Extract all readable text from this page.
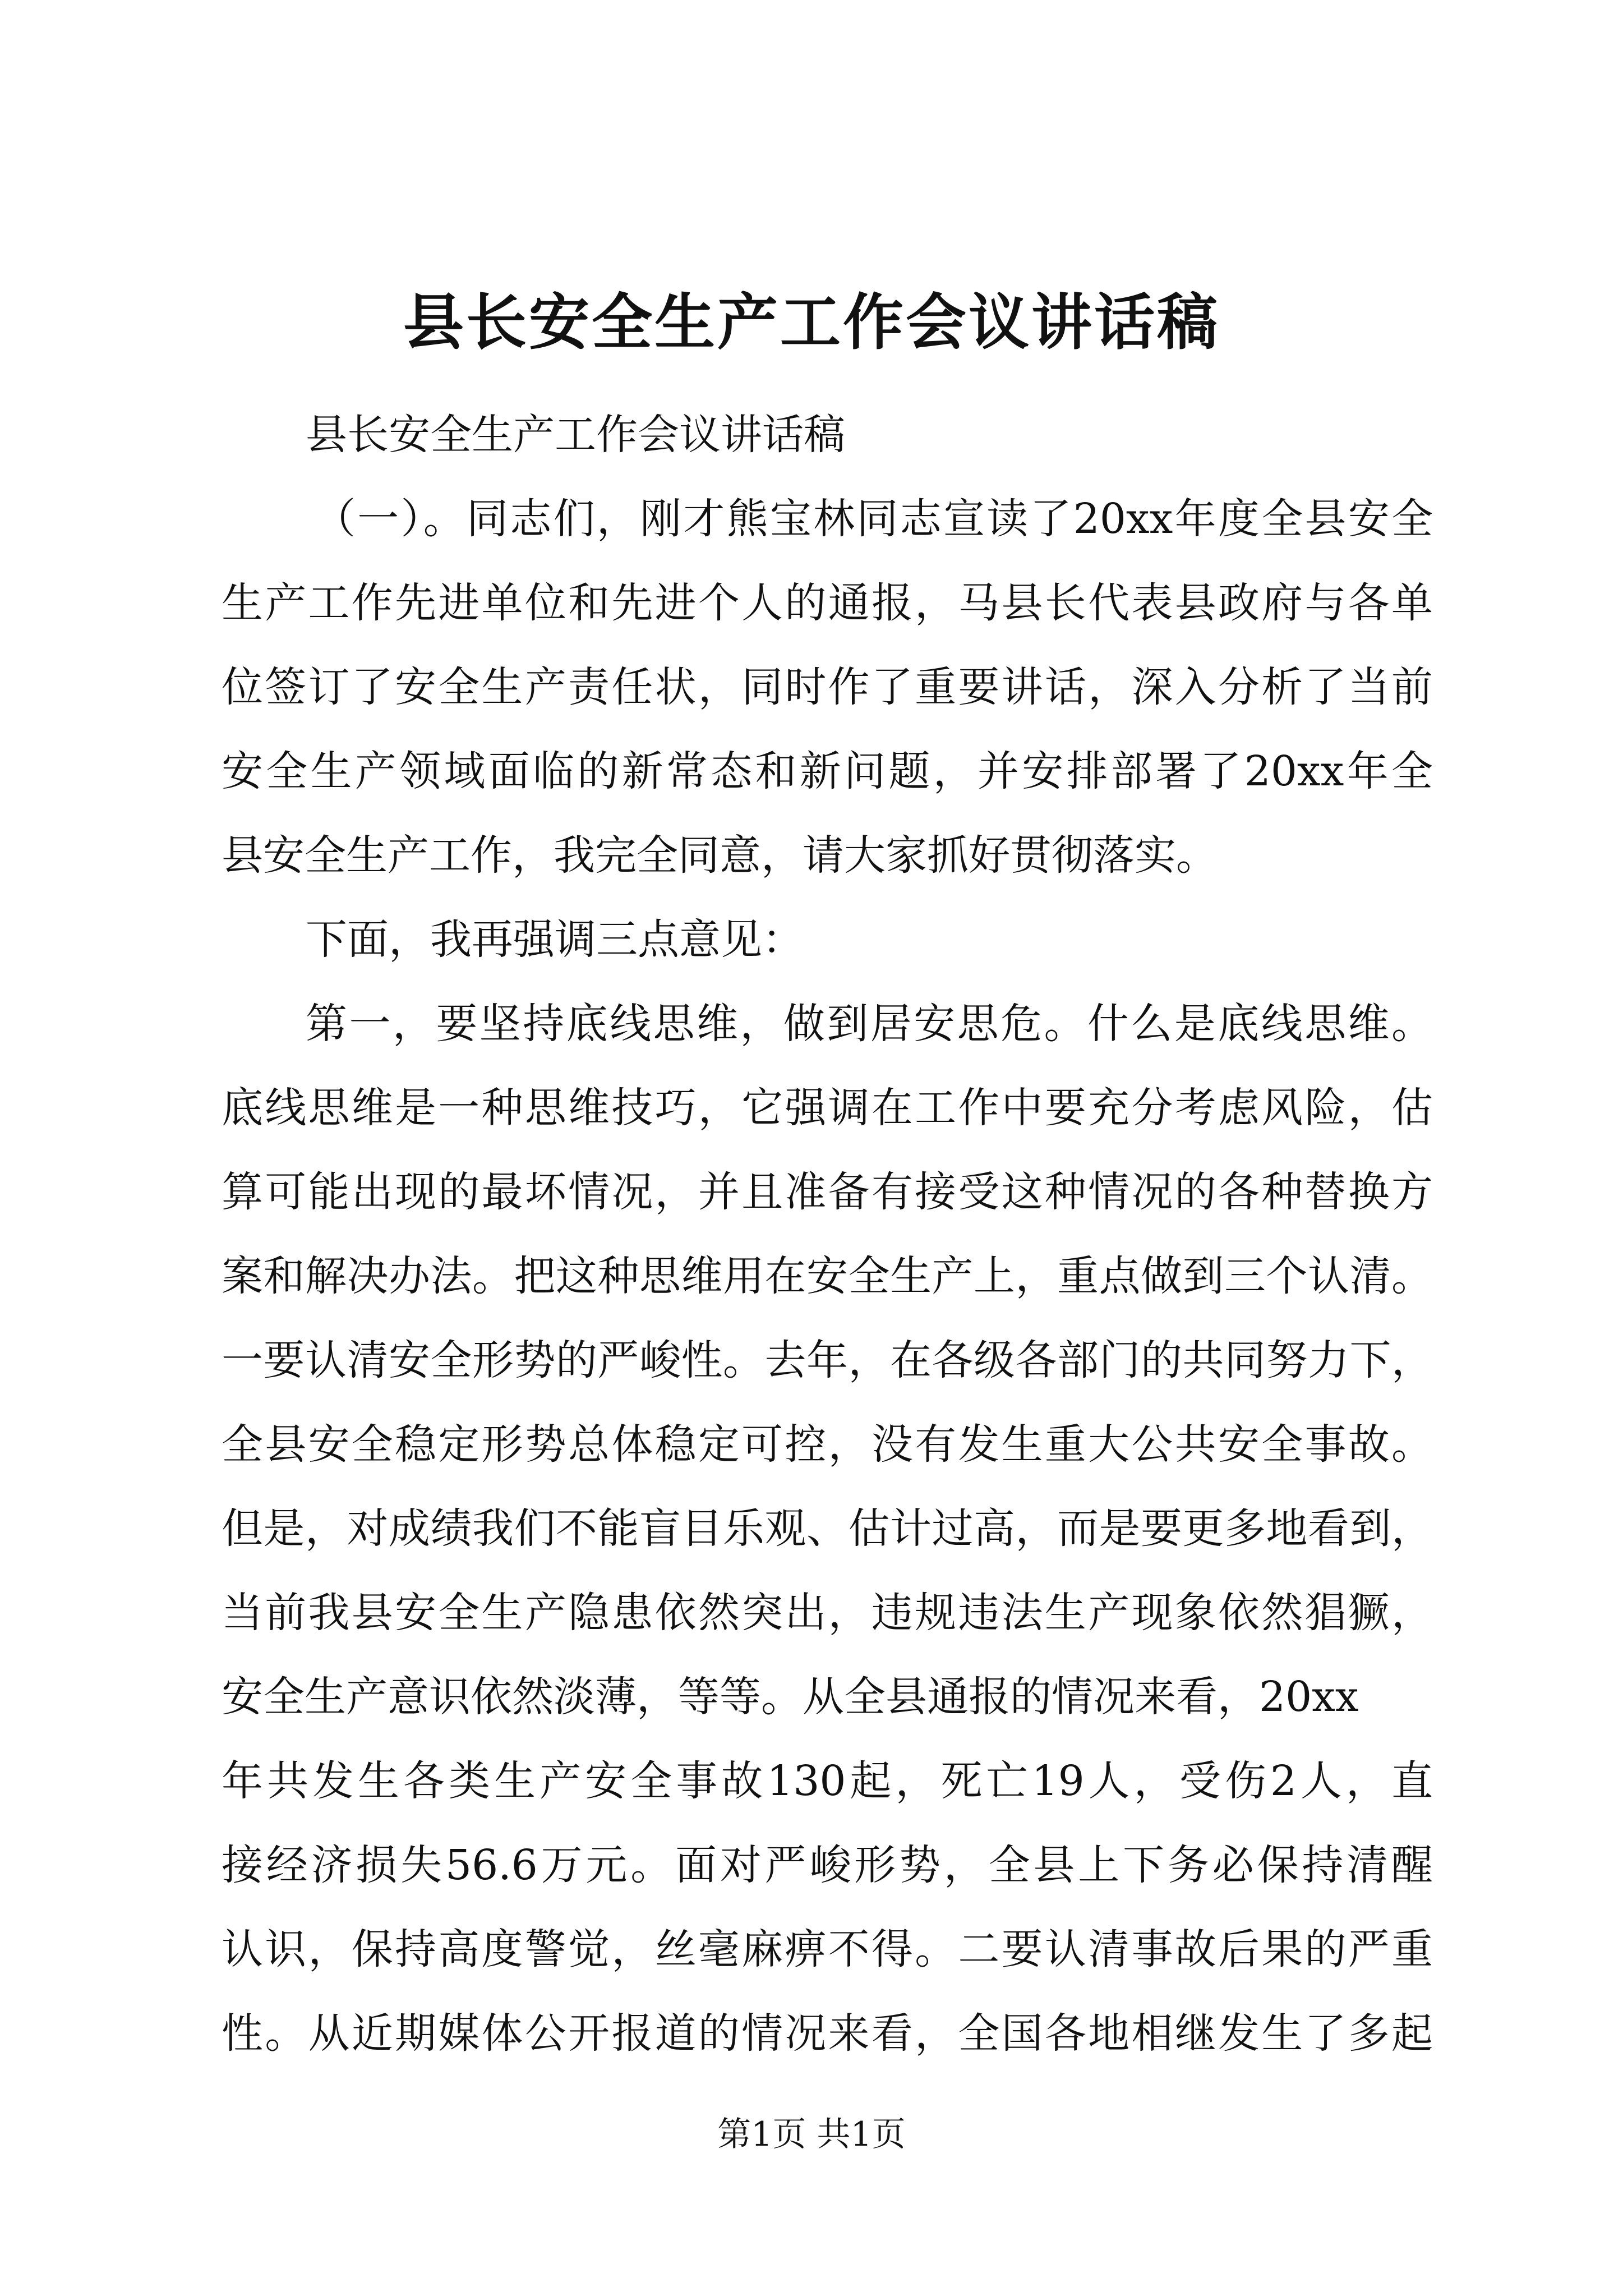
县长安全生产工作会议讲话稿
县长安全生产工作会议讲话稿
（一）。同志们，刚才熊宝林同志宣读了20xx年度全县安全
生产工作先进单位和先进个人的通报，马县长代表县政府与各单
位签订了安全生产责任状，同时作了重要讲话，深入分析了当前
安全生产领域面临的新常态和新问题，并安排部署了20xx年全
县安全生产工作，我完全同意，请大家抓好贯彻落实。
下面，我再强调三点意见：
第一，要坚持底线思维，做到居安思危。什么是底线思维。
底线思维是一种思维技巧，它强调在工作中要充分考虑风险，估
算可能出现的最坏情况，并且准备有接受这种情况的各种替换方
案和解决办法。把这种思维用在安全生产上，重点做到三个认清。
一要认清安全形势的严峻性。去年，在各级各部门的共同努力下，
全县安全稳定形势总体稳定可控，没有发生重大公共安全事故。
但是，对成绩我们不能盲目乐观、估计过高，而是要更多地看到，
当前我县安全生产隐患依然突出，违规违法生产现象依然猖獗，
安全生产意识依然淡薄，等等。从全县通报的情况来看，20xx
年共发生各类生产安全事故130起，死亡19人，受伤2人，直
接经济损失56.6万元。面对严峻形势，全县上下务必保持清醒
认识，保持高度警觉，丝毫麻痹不得。二要认清事故后果的严重
性。从近期媒体公开报道的情况来看，全国各地相继发生了多起
第1页 共1页
